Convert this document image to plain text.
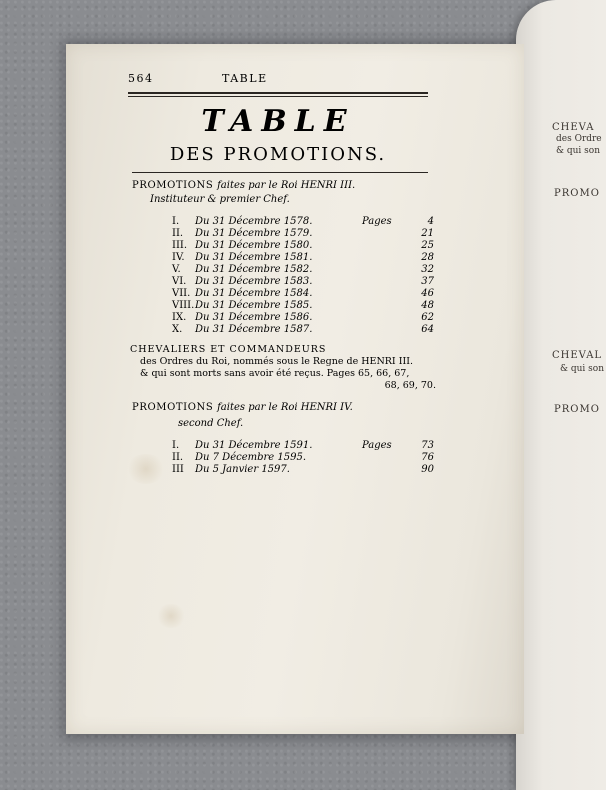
CHEVA
des Ordre
& qui son
PROMO
CHEVAL
& qui son
PROMO
564	TABLE
TABLE
DES PROMOTIONS.
PROMOTIONS faites par le Roi HENRI III.
Instituteur & premier Chef.
I. Du 31 Décembre 1578.	Pages	4
II. Du 31 Décembre 1579.	21
III. Du 31 Décembre 1580.	25
IV. Du 31 Décembre 1581.	28
V. Du 31 Décembre 1582.	32
VI. Du 31 Décembre 1583.	37
VII. Du 31 Décembre 1584.	46
VIII. Du 31 Décembre 1585.	48
IX. Du 31 Décembre 1586.	62
X. Du 31 Décembre 1587.	64
CHEVALIERS ET COMMANDEURS
des Ordres du Roi, nommés sous le Regne de HENRI III.
& qui sont morts sans avoir été reçus. Pages 65, 66, 67,
68, 69, 70.
PROMOTIONS faites par le Roi HENRI IV.
second Chef.
I. Du 31 Décembre 1591.	Pages	73
II. Du 7 Décembre 1595.	76
III Du 5 Janvier 1597.	90
